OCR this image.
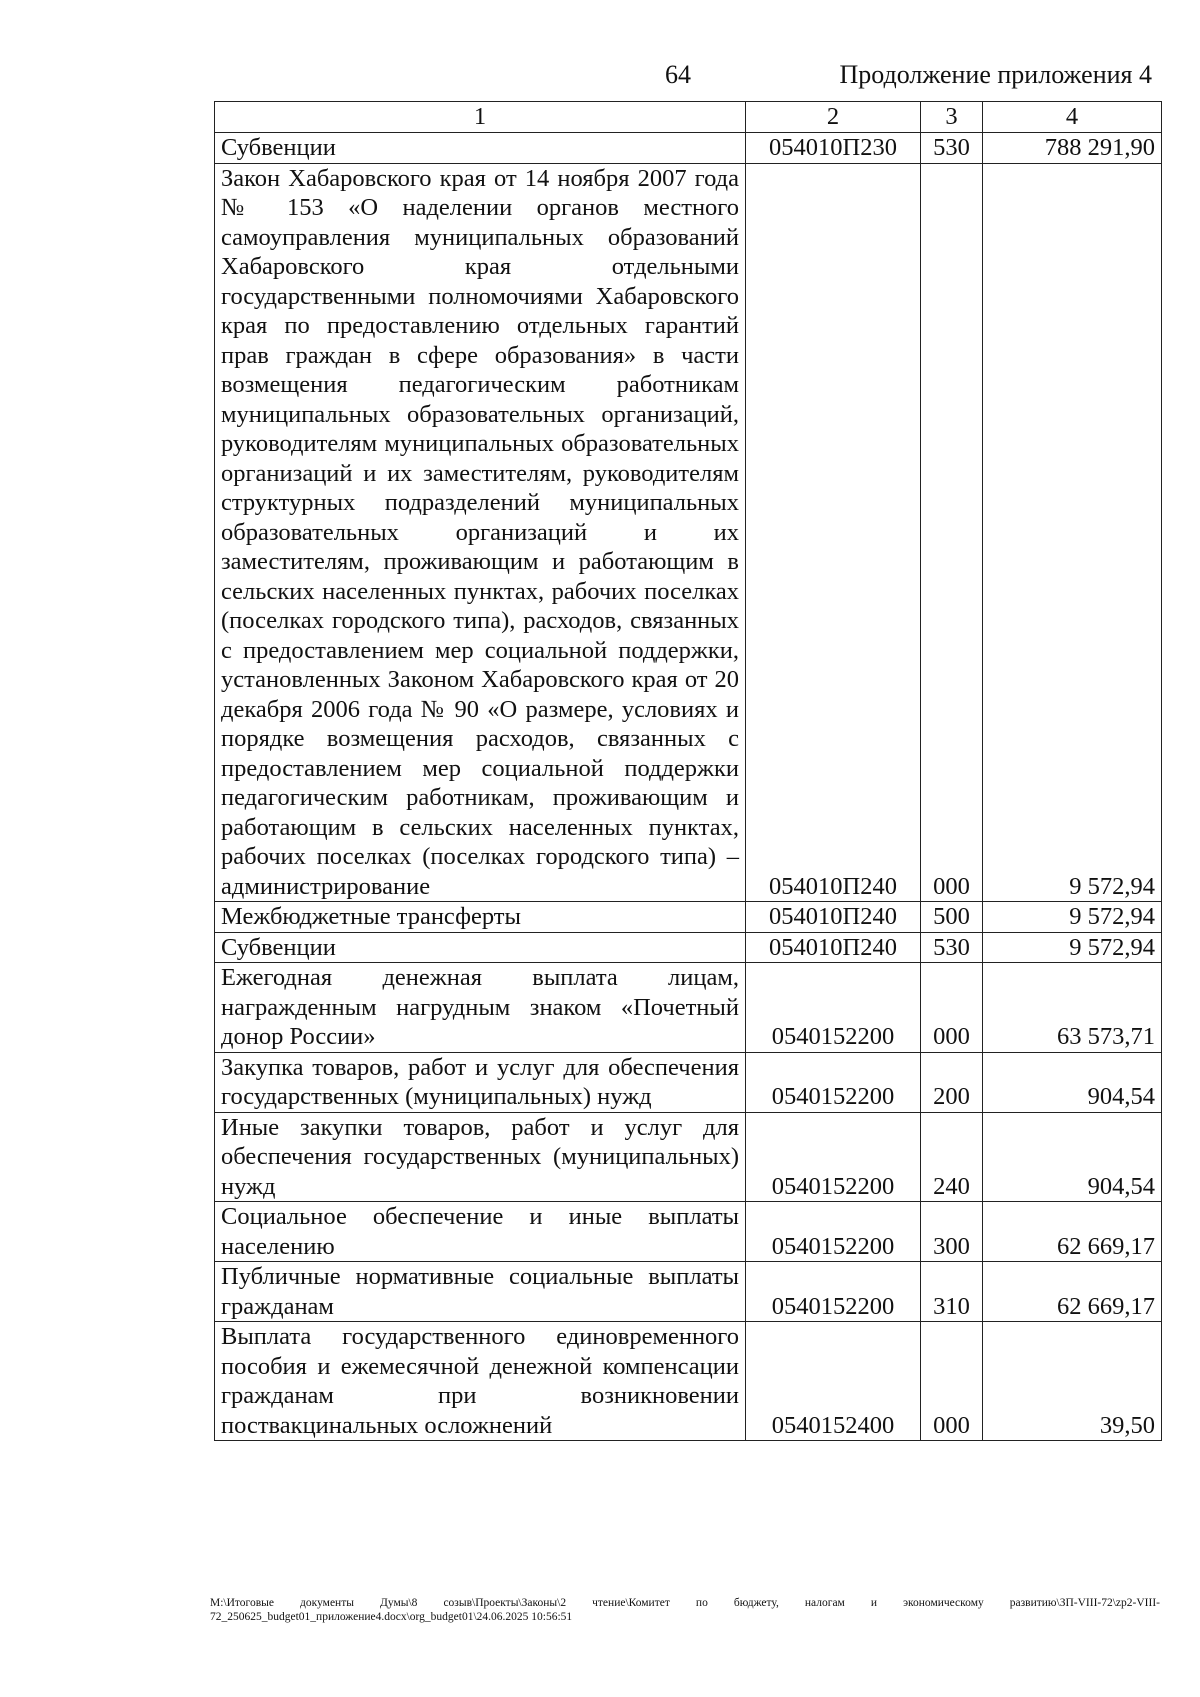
64	Продолжение приложения 4
1	2	3	4
Субвенции	054010П230	530	788 291,90
Закон Хабаровского края от 14 ноября 2007 года № 153 «О наделении органов местного самоуправления муниципальных образований Хабаровского края отдельными государственными полномочиями Хабаровского края по предоставлению отдельных гарантий прав граждан в сфере образования» в части возмещения педагогическим работникам муниципальных образовательных организаций, руководителям муниципальных образовательных организаций и их заместителям, руководителям структурных подразделений муниципальных образовательных организаций и их заместителям, проживающим и работающим в сельских населенных пунктах, рабочих поселках (поселках городского типа), расходов, связанных с предоставлением мер социальной поддержки, установленных Законом Хабаровского края от 20 декабря 2006 года № 90 «О размере, условиях и порядке возмещения расходов, связанных с предоставлением мер социальной поддержки педагогическим работникам, проживающим и работающим в сельских населенных пунктах, рабочих поселках (поселках городского типа) – администрирование	054010П240	000	9 572,94
Межбюджетные трансферты	054010П240	500	9 572,94
Субвенции	054010П240	530	9 572,94
Ежегодная денежная выплата лицам, награжденным нагрудным знаком «Почетный донор России»	0540152200	000	63 573,71
Закупка товаров, работ и услуг для обеспечения государственных (муниципальных) нужд	0540152200	200	904,54
Иные закупки товаров, работ и услуг для обеспечения государственных (муниципальных) нужд	0540152200	240	904,54
Социальное обеспечение и иные выплаты населению	0540152200	300	62 669,17
Публичные нормативные социальные выплаты гражданам	0540152200	310	62 669,17
Выплата государственного единовременного пособия и ежемесячной денежной компенсации гражданам при возникновении поствакцинальных осложнений	0540152400	000	39,50
M:\Итоговые документы Думы\8 созыв\Проекты\Законы\2 чтение\Комитет по бюджету, налогам и экономическому развитию\ЗП-VIII-72\zp2-VIII-72_250625_budget01_приложение4.docx\org_budget01\24.06.2025 10:56:51
